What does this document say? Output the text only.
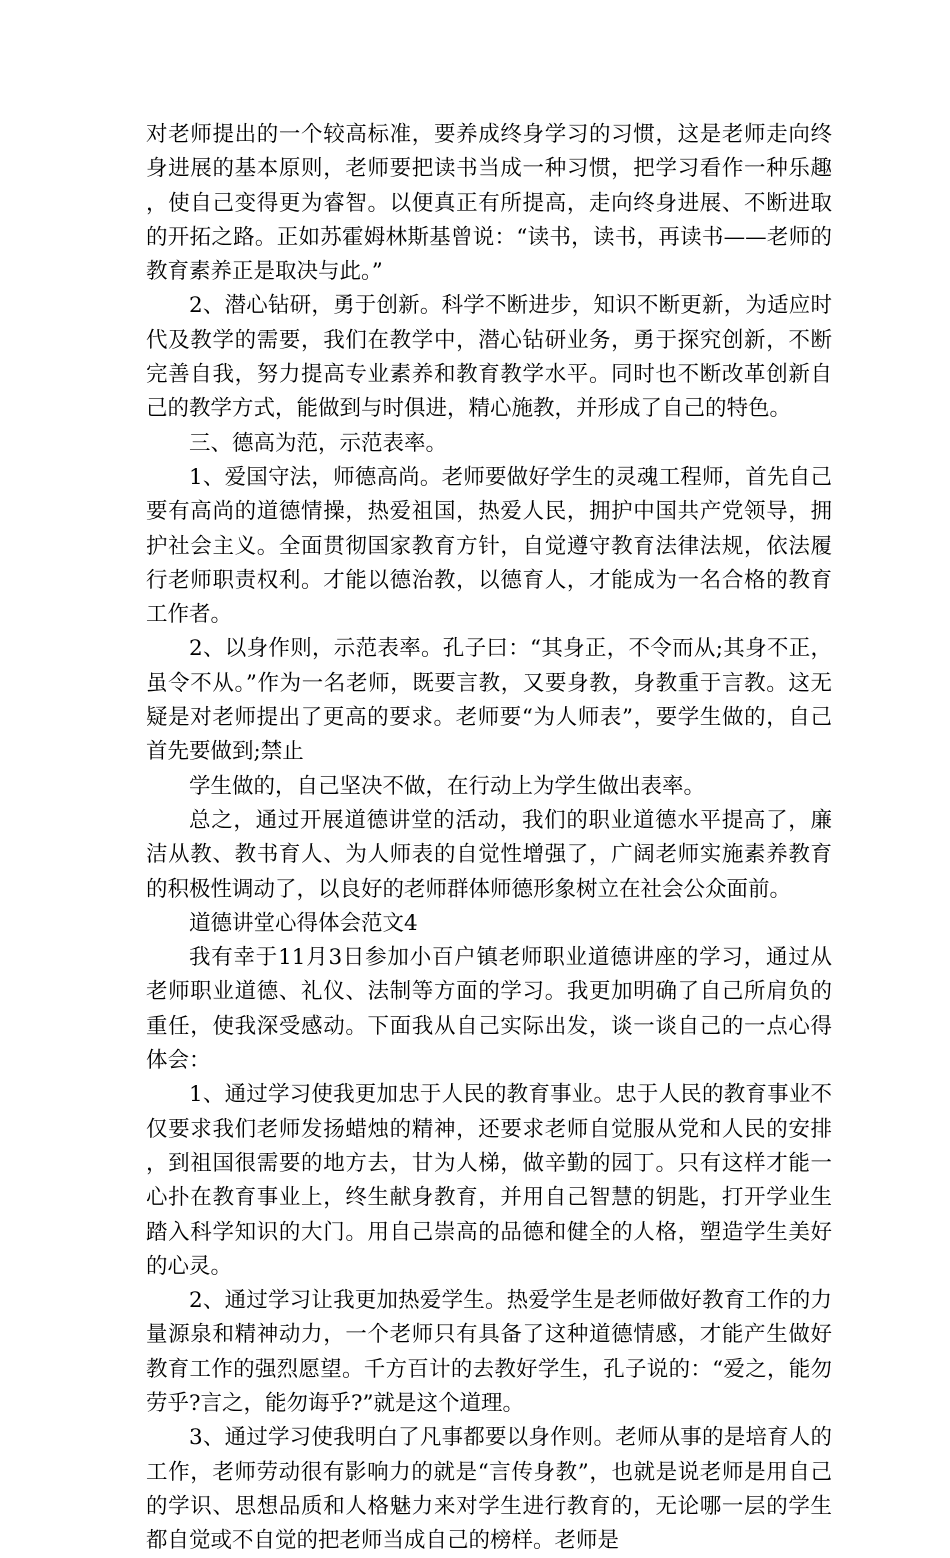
对老师提出的一个较高标准，要养成终身学习的习惯，这是老师走向终身进展的基本原则，老师要把读书当成一种习惯，把学习看作一种乐趣，使自己变得更为睿智。以便真正有所提高，走向终身进展、不断进取的开拓之路。正如苏霍姆林斯基曾说：“读书，读书，再读书——老师的教育素养正是取决与此。”

2、潜心钻研，勇于创新。科学不断进步，知识不断更新，为适应时代及教学的需要，我们在教学中，潜心钻研业务，勇于探究创新，不断完善自我，努力提高专业素养和教育教学水平。同时也不断改革创新自己的教学方式，能做到与时俱进，精心施教，并形成了自己的特色。

三、德高为范，示范表率。

1、爱国守法，师德高尚。老师要做好学生的灵魂工程师，首先自己要有高尚的道德情操，热爱祖国，热爱人民，拥护中国共产党领导，拥护社会主义。全面贯彻国家教育方针，自觉遵守教育法律法规，依法履行老师职责权利。才能以德治教，以德育人，才能成为一名合格的教育工作者。

2、以身作则，示范表率。孔子曰：“其身正，不令而从;其身不正，虽令不从。”作为一名老师，既要言教，又要身教，身教重于言教。这无疑是对老师提出了更高的要求。老师要“为人师表”，要学生做的，自己首先要做到;禁止

学生做的，自己坚决不做，在行动上为学生做出表率。

总之，通过开展道德讲堂的活动，我们的职业道德水平提高了，廉洁从教、教书育人、为人师表的自觉性增强了，广阔老师实施素养教育的积极性调动了，以良好的老师群体师德形象树立在社会公众面前。

道德讲堂心得体会范文4

我有幸于11月3日参加小百户镇老师职业道德讲座的学习，通过从老师职业道德、礼仪、法制等方面的学习。我更加明确了自己所肩负的重任，使我深受感动。下面我从自己实际出发，谈一谈自己的一点心得体会：

1、通过学习使我更加忠于人民的教育事业。忠于人民的教育事业不仅要求我们老师发扬蜡烛的精神，还要求老师自觉服从党和人民的安排，到祖国很需要的地方去，甘为人梯，做辛勤的园丁。只有这样才能一心扑在教育事业上，终生献身教育，并用自己智慧的钥匙，打开学业生踏入科学知识的大门。用自己崇高的品德和健全的人格，塑造学生美好的心灵。

2、通过学习让我更加热爱学生。热爱学生是老师做好教育工作的力量源泉和精神动力，一个老师只有具备了这种道德情感，才能产生做好教育工作的强烈愿望。千方百计的去教好学生，孔子说的：“爱之，能勿劳乎?言之，能勿诲乎?”就是这个道理。

3、通过学习使我明白了凡事都要以身作则。老师从事的是培育人的工作，老师劳动很有影响力的就是“言传身教”，也就是说老师是用自己的学识、思想品质和人格魅力来对学生进行教育的，无论哪一层的学生都自觉或不自觉的把老师当成自己的榜样。老师是
